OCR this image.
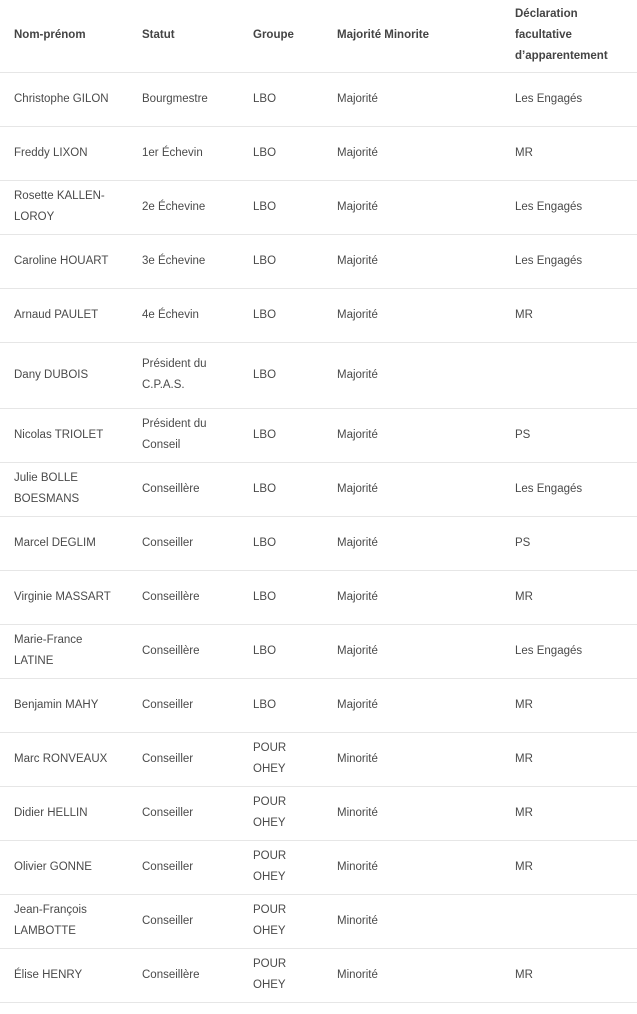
Nom-prénom	Statut	Groupe	Majorité Minorite	Déclaration facultative d’apparentement
Christophe GILON	Bourgmestre	LBO	Majorité	Les Engagés
Freddy LIXON	1er Échevin	LBO	Majorité	MR
Rosette KALLEN-LOROY	2e Échevine	LBO	Majorité	Les Engagés
Caroline HOUART	3e Échevine	LBO	Majorité	Les Engagés
Arnaud PAULET	4e Échevin	LBO	Majorité	MR
Dany DUBOIS	Président du C.P.A.S.	LBO	Majorité	
Nicolas TRIOLET	Président du Conseil	LBO	Majorité	PS
Julie BOLLE BOESMANS	Conseillère	LBO	Majorité	Les Engagés
Marcel DEGLIM	Conseiller	LBO	Majorité	PS
Virginie MASSART	Conseillère	LBO	Majorité	MR
Marie-France LATINE	Conseillère	LBO	Majorité	Les Engagés
Benjamin MAHY	Conseiller	LBO	Majorité	MR
Marc RONVEAUX	Conseiller	POUR OHEY	Minorité	MR
Didier HELLIN	Conseiller	POUR OHEY	Minorité	MR
Olivier GONNE	Conseiller	POUR OHEY	Minorité	MR
Jean-François LAMBOTTE	Conseiller	POUR OHEY	Minorité	
Élise HENRY	Conseillère	POUR OHEY	Minorité	MR
